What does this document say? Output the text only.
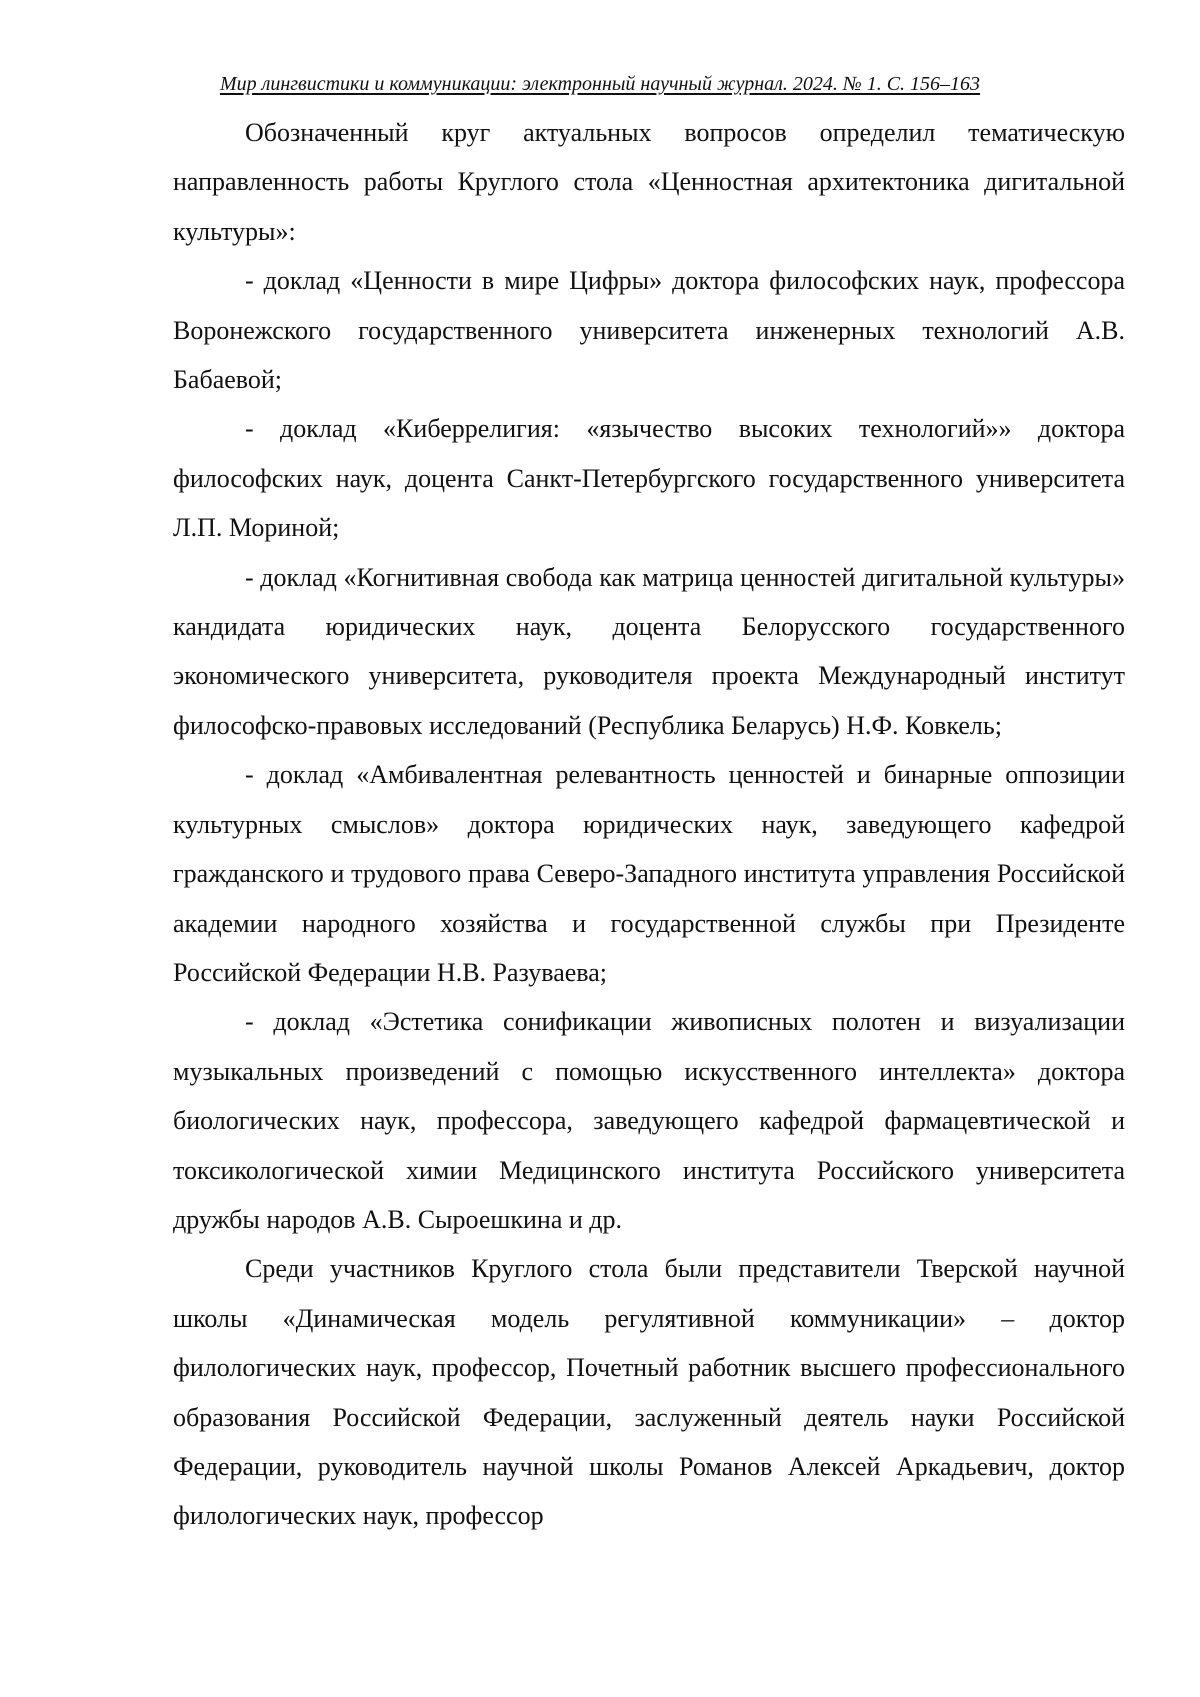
Мир лингвистики и коммуникации: электронный научный журнал. 2024. № 1. С. 156–163

Обозначенный круг актуальных вопросов определил тематическую направленность работы Круглого стола «Ценностная архитектоника дигитальной культуры»:

- доклад «Ценности в мире Цифры» доктора философских наук, профессора Воронежского государственного университета инженерных технологий А.В. Бабаевой;

- доклад «Киберрелигия: «язычество высоких технологий»» доктора философских наук, доцента Санкт-Петербургского государственного университета Л.П. Мориной;

- доклад «Когнитивная свобода как матрица ценностей дигитальной культуры» кандидата юридических наук, доцента Белорусского государственного экономического университета, руководителя проекта Международный институт философско-правовых исследований (Республика Беларусь) Н.Ф. Ковкель;

- доклад «Амбивалентная релевантность ценностей и бинарные оппозиции культурных смыслов» доктора юридических наук, заведующего кафедрой гражданского и трудового права Северо-Западного института управления Российской академии народного хозяйства и государственной службы при Президенте Российской Федерации Н.В. Разуваева;

- доклад «Эстетика сонификации живописных полотен и визуализации музыкальных произведений с помощью искусственного интеллекта» доктора биологических наук, профессора, заведующего кафедрой фармацевтической и токсикологической химии Медицинского института Российского университета дружбы народов А.В. Сыроешкина и др.

Среди участников Круглого стола были представители Тверской научной школы «Динамическая модель регулятивной коммуникации» – доктор филологических наук, профессор, Почетный работник высшего профессионального образования Российской Федерации, заслуженный деятель науки Российской Федерации, руководитель научной школы Романов Алексей Аркадьевич, доктор филологических наук, профессор
